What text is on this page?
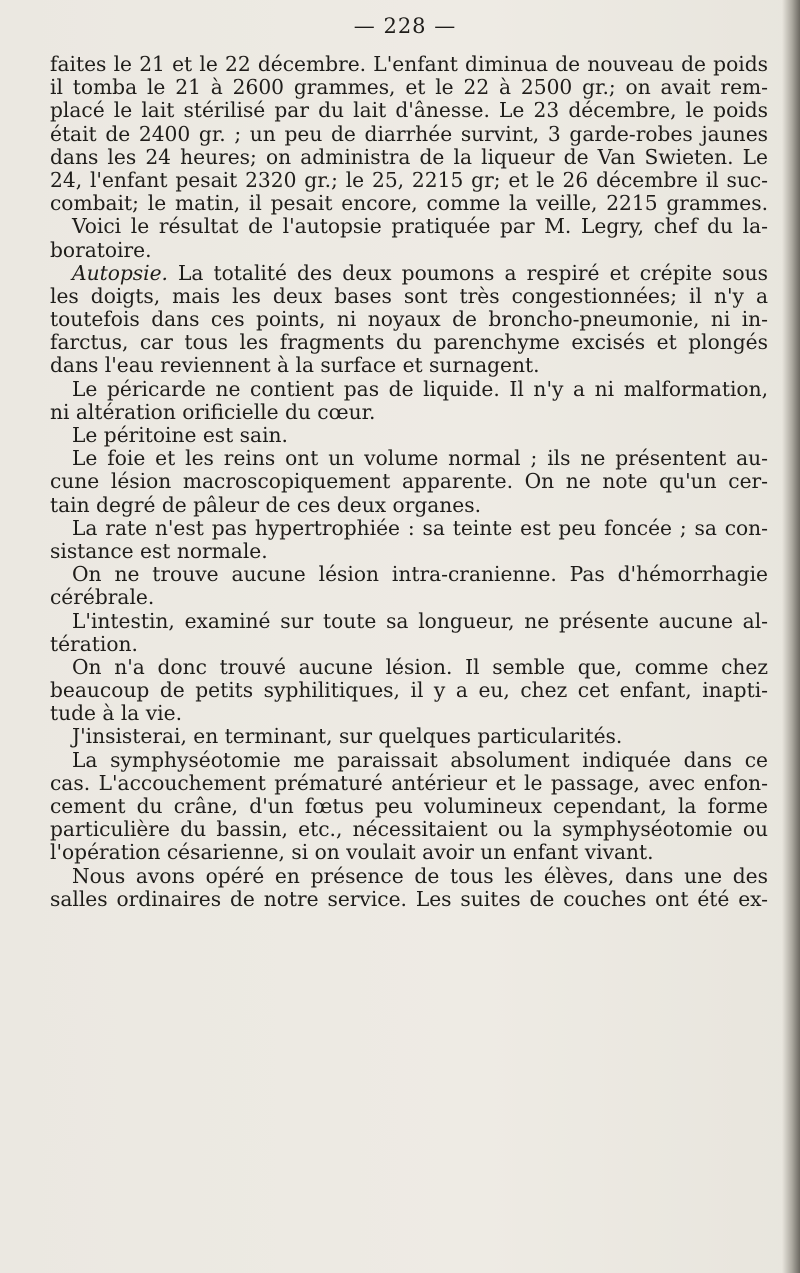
— 228 —
faites le 21 et le 22 décembre. L'enfant diminua de nouveau de poids
il tomba le 21 à 2600 grammes, et le 22 à 2500 gr.; on avait rem-
placé le lait stérilisé par du lait d'ânesse. Le 23 décembre, le poids
était de 2400 gr. ; un peu de diarrhée survint, 3 garde-robes jaunes
dans les 24 heures; on administra de la liqueur de Van Swieten. Le
24, l'enfant pesait 2320 gr.; le 25, 2215 gr; et le 26 décembre il suc-
combait; le matin, il pesait encore, comme la veille, 2215 grammes.
Voici le résultat de l'autopsie pratiquée par M. Legry, chef du la-
boratoire.
Autopsie. La totalité des deux poumons a respiré et crépite sous
les doigts, mais les deux bases sont très congestionnées; il n'y a
toutefois dans ces points, ni noyaux de broncho-pneumonie, ni in-
farctus, car tous les fragments du parenchyme excisés et plongés
dans l'eau reviennent à la surface et surnagent.
Le péricarde ne contient pas de liquide. Il n'y a ni malformation,
ni altération orificielle du cœur.
Le péritoine est sain.
Le foie et les reins ont un volume normal ; ils ne présentent au-
cune lésion macroscopiquement apparente. On ne note qu'un cer-
tain degré de pâleur de ces deux organes.
La rate n'est pas hypertrophiée : sa teinte est peu foncée ; sa con-
sistance est normale.
On ne trouve aucune lésion intra-cranienne. Pas d'hémorrhagie
cérébrale.
L'intestin, examiné sur toute sa longueur, ne présente aucune al-
tération.
On n'a donc trouvé aucune lésion. Il semble que, comme chez
beaucoup de petits syphilitiques, il y a eu, chez cet enfant, inapti-
tude à la vie.
J'insisterai, en terminant, sur quelques particularités.
La symphyséotomie me paraissait absolument indiquée dans ce
cas. L'accouchement prématuré antérieur et le passage, avec enfon-
cement du crâne, d'un fœtus peu volumineux cependant, la forme
particulière du bassin, etc., nécessitaient ou la symphyséotomie ou
l'opération césarienne, si on voulait avoir un enfant vivant.
Nous avons opéré en présence de tous les élèves, dans une des
salles ordinaires de notre service. Les suites de couches ont été ex-
